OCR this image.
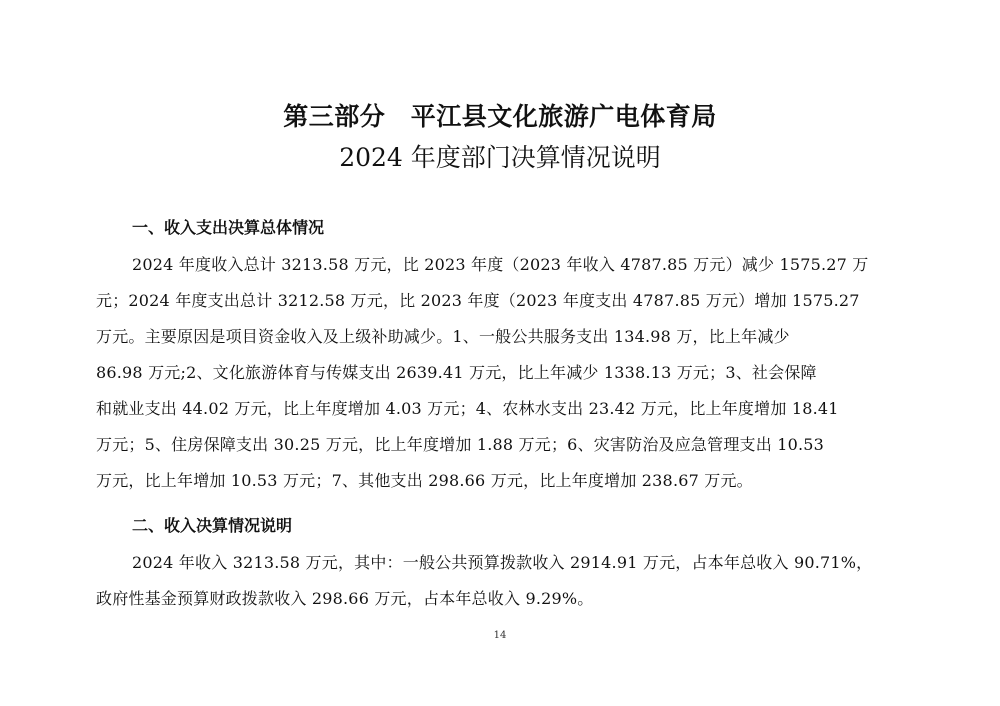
第三部分　平江县文化旅游广电体育局
2024 年度部门决算情况说明
一、收入支出决算总体情况
2024 年度收入总计 3213.58 万元，比 2023 年度（2023 年收入 4787.85 万元）减少 1575.27 万
元；2024 年度支出总计 3212.58 万元，比 2023 年度（2023 年度支出 4787.85 万元）增加 1575.27
万元。主要原因是项目资金收入及上级补助减少。1、一般公共服务支出 134.98 万，比上年减少
86.98 万元;2、文化旅游体育与传媒支出 2639.41 万元，比上年减少 1338.13 万元；3、社会保障
和就业支出 44.02 万元，比上年度增加 4.03 万元；4、农林水支出 23.42 万元，比上年度增加 18.41
万元；5、住房保障支出 30.25 万元，比上年度增加 1.88 万元；6、灾害防治及应急管理支出 10.53
万元，比上年增加 10.53 万元；7、其他支出 298.66 万元，比上年度增加 238.67 万元。
二、收入决算情况说明
2024 年收入 3213.58 万元，其中：一般公共预算拨款收入 2914.91 万元，占本年总收入 90.71%，
政府性基金预算财政拨款收入 298.66 万元，占本年总收入 9.29%。
14
